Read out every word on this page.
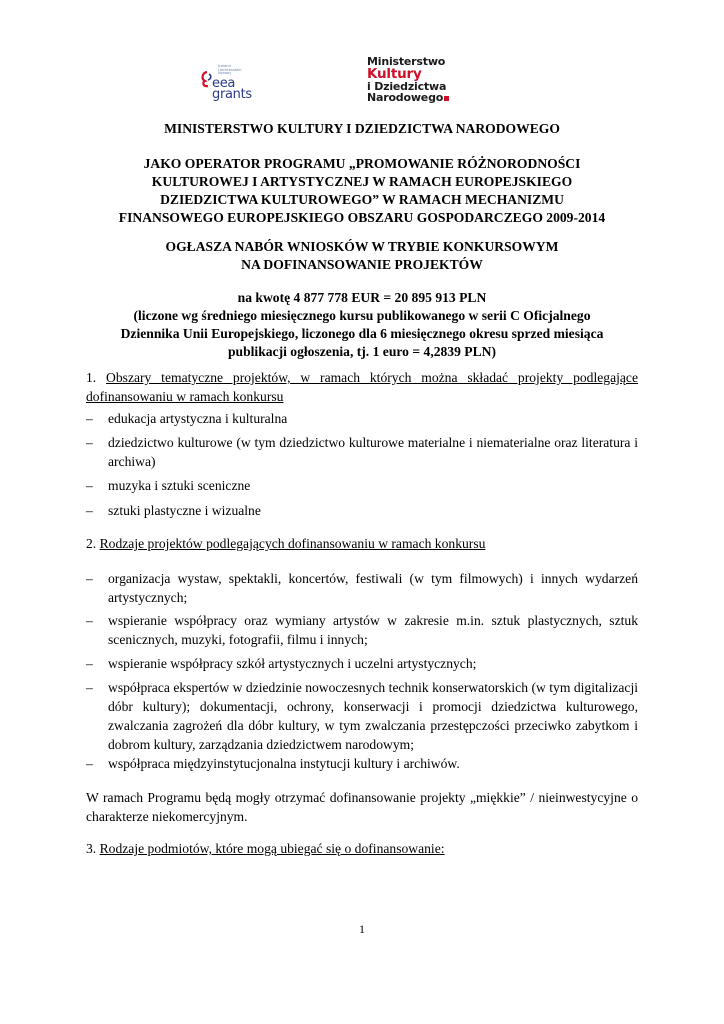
Iceland Liechtenstein Norway
eea
grants
Ministerstwo
Kultury
i Dziedzictwa
Narodowego
MINISTERSTWO KULTURY I DZIEDZICTWA NARODOWEGO
JAKO OPERATOR PROGRAMU „PROMOWANIE RÓŻNORODNOŚCI
KULTUROWEJ I ARTYSTYCZNEJ W RAMACH EUROPEJSKIEGO
DZIEDZICTWA KULTUROWEGO” W RAMACH MECHANIZMU
FINANSOWEGO EUROPEJSKIEGO OBSZARU GOSPODARCZEGO 2009-2014
OGŁASZA NABÓR WNIOSKÓW W TRYBIE KONKURSOWYM
NA DOFINANSOWANIE PROJEKTÓW
na kwotę 4 877 778 EUR = 20 895 913 PLN
(liczone wg średniego miesięcznego kursu publikowanego w serii C Oficjalnego
Dziennika Unii Europejskiego, liczonego dla 6 miesięcznego okresu sprzed miesiąca
publikacji ogłoszenia, tj. 1 euro = 4,2839 PLN)
1. Obszary tematyczne projektów, w ramach których można składać projekty podlegające dofinansowaniu w ramach konkursu
– edukacja artystyczna i kulturalna
– dziedzictwo kulturowe (w tym dziedzictwo kulturowe materialne i niematerialne oraz literatura i archiwa)
– muzyka i sztuki sceniczne
– sztuki plastyczne i wizualne
2. Rodzaje projektów podlegających dofinansowaniu w ramach konkursu
– organizacja wystaw, spektakli, koncertów, festiwali (w tym filmowych) i innych wydarzeń artystycznych;
– wspieranie współpracy oraz wymiany artystów w zakresie m.in. sztuk plastycznych, sztuk scenicznych, muzyki, fotografii, filmu i innych;
– wspieranie współpracy szkół artystycznych i uczelni artystycznych;
– współpraca ekspertów w dziedzinie nowoczesnych technik konserwatorskich (w tym digitalizacji dóbr kultury); dokumentacji, ochrony, konserwacji i promocji dziedzictwa kulturowego, zwalczania zagrożeń dla dóbr kultury, w tym zwalczania przestępczości przeciwko zabytkom i dobrom kultury, zarządzania dziedzictwem narodowym;
– współpraca międzyinstytucjonalna instytucji kultury i archiwów.
W ramach Programu będą mogły otrzymać dofinansowanie projekty „miękkie” / nieinwestycyjne o charakterze niekomercyjnym.
3. Rodzaje podmiotów, które mogą ubiegać się o dofinansowanie:
1
